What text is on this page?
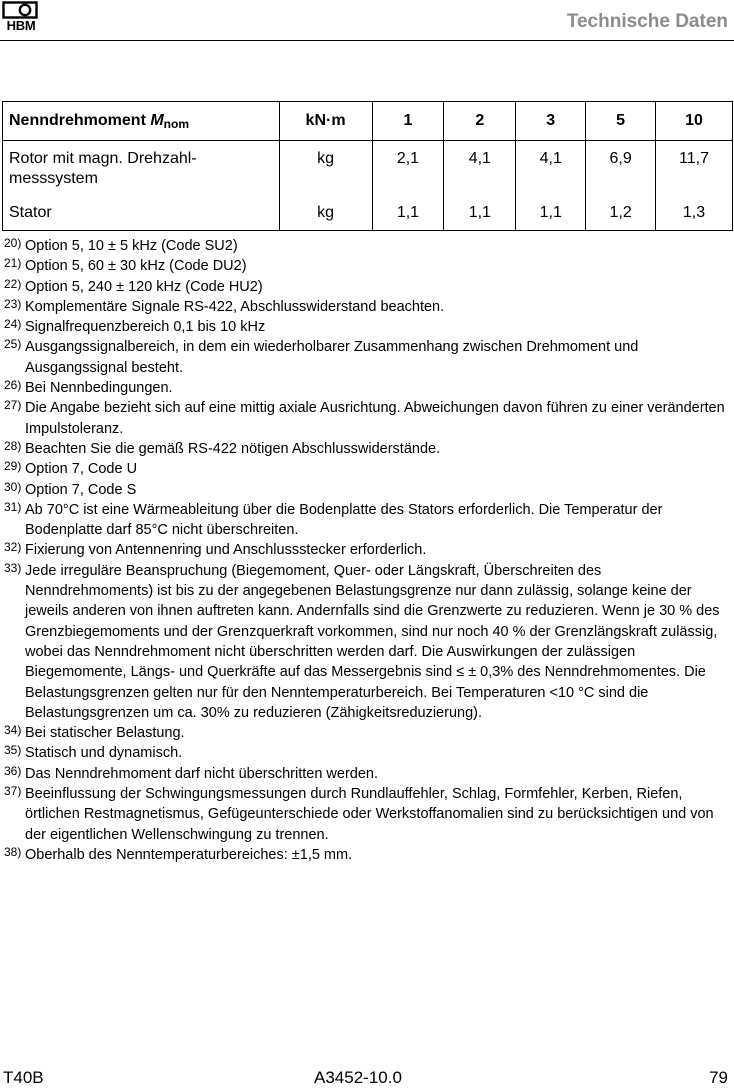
HBM	Technische Daten
Nenndrehmoment $M_{nom}$	kN·m	1	2	3	5	10
Rotor mit magn. Drehzahl-messsystem	kg	2,1	4,1	4,1	6,9	11,7
Stator	kg	1,1	1,1	1,1	1,2	1,3
20) Option 5, 10 ± 5 kHz (Code SU2)
21) Option 5, 60 ± 30 kHz (Code DU2)
22) Option 5, 240 ± 120 kHz (Code HU2)
23) Komplementäre Signale RS-422, Abschlusswiderstand beachten.
24) Signalfrequenzbereich 0,1 bis 10 kHz
25) Ausgangssignalbereich, in dem ein wiederholbarer Zusammenhang zwischen Drehmoment und Ausgangssignal besteht.
26) Bei Nennbedingungen.
27) Die Angabe bezieht sich auf eine mittig axiale Ausrichtung. Abweichungen davon führen zu einer veränderten Impulstoleranz.
28) Beachten Sie die gemäß RS-422 nötigen Abschlusswiderstände.
29) Option 7, Code U
30) Option 7, Code S
31) Ab 70°C ist eine Wärmeableitung über die Bodenplatte des Stators erforderlich. Die Temperatur der Bodenplatte darf 85°C nicht überschreiten.
32) Fixierung von Antennenring und Anschlussstecker erforderlich.
33) Jede irreguläre Beanspruchung (Biegemoment, Quer- oder Längskraft, Überschreiten des Nenndrehmoments) ist bis zu der angegebenen Belastungsgrenze nur dann zulässig, solange keine der jeweils anderen von ihnen auftreten kann. Andernfalls sind die Grenzwerte zu reduzieren. Wenn je 30 % des Grenzbiegemoments und der Grenzquerkraft vorkommen, sind nur noch 40 % der Grenzlängskraft zulässig, wobei das Nenndrehmoment nicht überschritten werden darf. Die Auswirkungen der zulässigen Biegemomente, Längs- und Querkräfte auf das Messergebnis sind ≤ ± 0,3% des Nenndrehmomentes. Die Belastungsgrenzen gelten nur für den Nenntemperaturbereich. Bei Temperaturen <10 °C sind die Belastungsgrenzen um ca. 30% zu reduzieren (Zähigkeitsreduzierung).
34) Bei statischer Belastung.
35) Statisch und dynamisch.
36) Das Nenndrehmoment darf nicht überschritten werden.
37) Beeinflussung der Schwingungsmessungen durch Rundlauffehler, Schlag, Formfehler, Kerben, Riefen, örtlichen Restmagnetismus, Gefügeunterschiede oder Werkstoffanomalien sind zu berücksichtigen und von der eigentlichen Wellenschwingung zu trennen.
38) Oberhalb des Nenntemperaturbereiches: ±1,5 mm.
T40B	A3452-10.0	79
